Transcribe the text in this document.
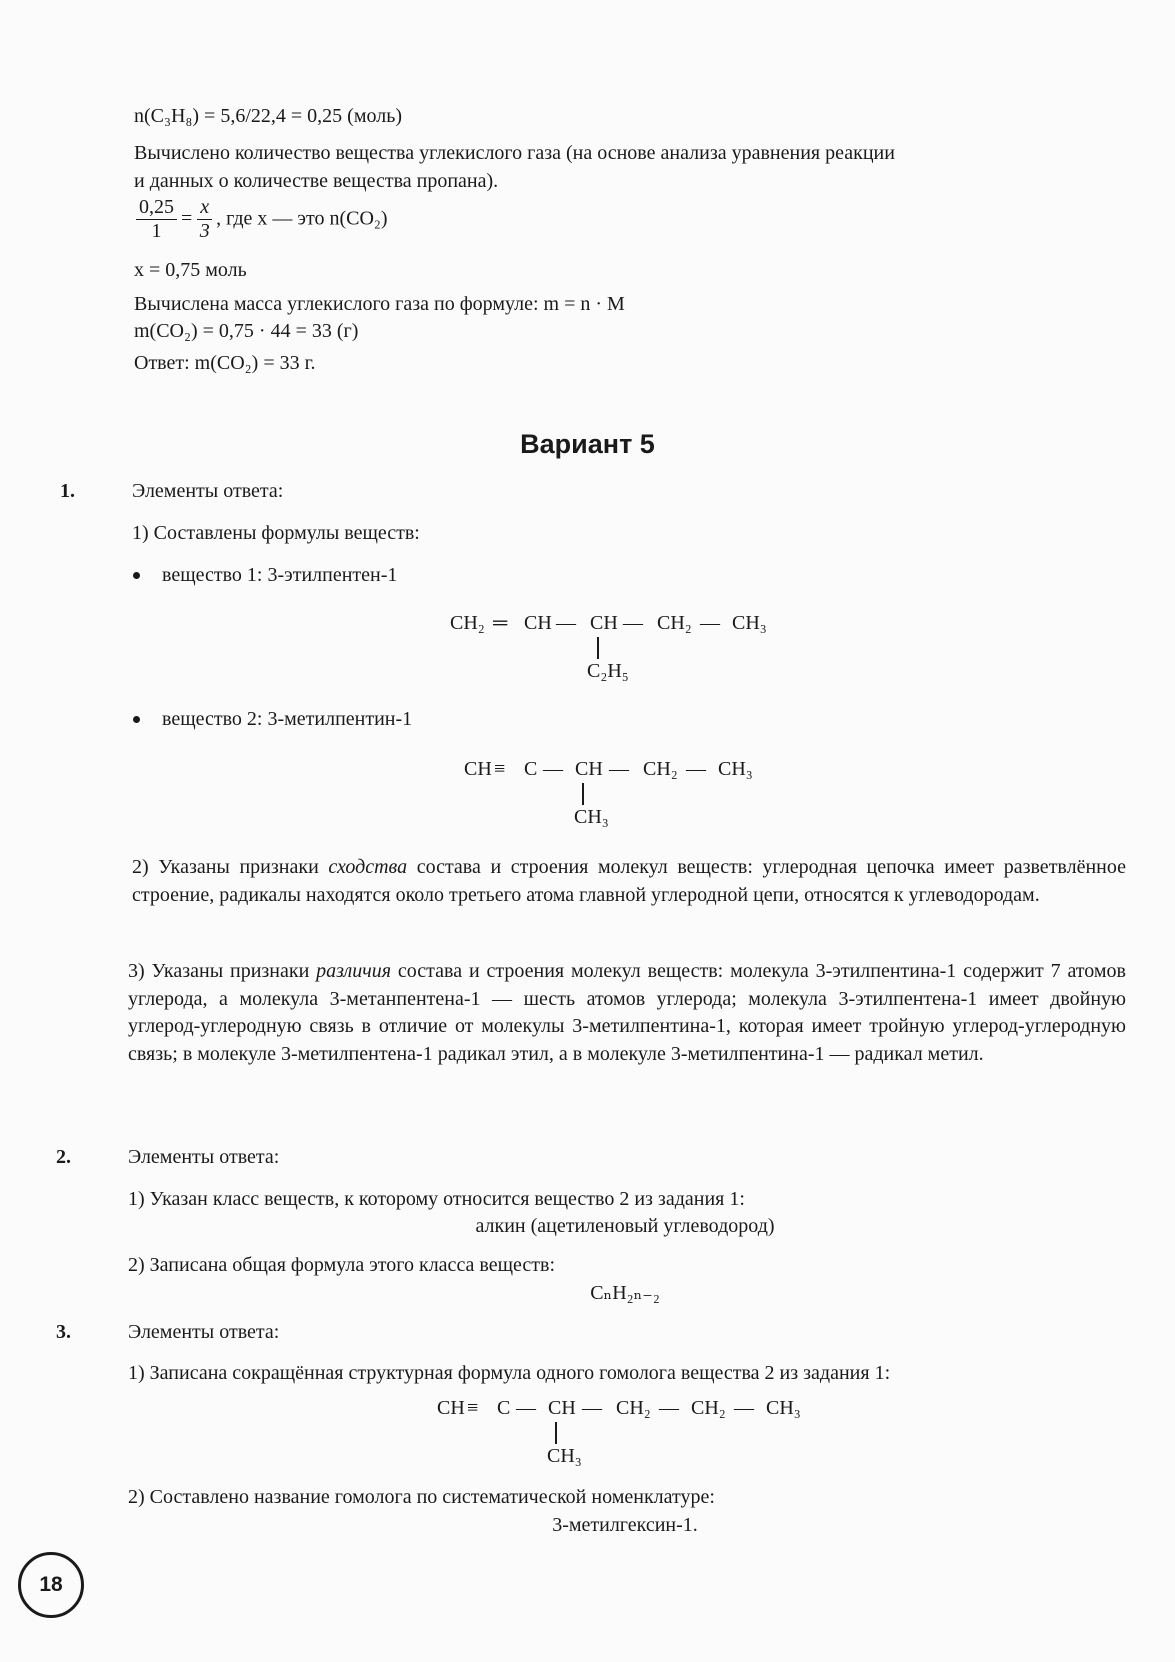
n(C₃H₈) = 5,6/22,4 = 0,25 (моль)
Вычислено количество вещества углекислого газа (на основе анализа уравнения реакции
и данных о количестве вещества пропана).
$\frac{0,25}{1} = \frac{x}{3}$ , где x — это n(CO₂)
x = 0,75 моль
Вычислена масса углекислого газа по формуле: m = n · M
m(CO₂) = 0,75 · 44 = 33 (г)
Ответ: m(CO₂) = 33 г.
Вариант 5
1.	Элементы ответа:
1) Составлены формулы веществ:
вещество 1: 3-этилпентен-1
CH₂ ═ CH — CH — CH₂ — CH₃
C₂H₅
вещество 2: 3-метилпентин-1
CH ≡ C — CH — CH₂ — CH₃
CH₃
2) Указаны признаки сходства состава и строения молекул веществ: углеродная цепочка имеет разветвлённое строение, радикалы находятся около третьего атома главной углеродной цепи, относятся к углеводородам.
3) Указаны признаки различия состава и строения молекул веществ: молекула 3-этилпентина-1 содержит 7 атомов углерода, а молекула 3-метанпентена-1 — шесть атомов углерода; молекула 3-этилпентена-1 имеет двойную углерод-углеродную связь в отличие от молекулы 3-метилпентина-1, которая имеет тройную углерод-углеродную связь; в молекуле 3-метилпентена-1 радикал этил, а в молекуле 3-метилпентина-1 — радикал метил.
2.	Элементы ответа:
1) Указан класс веществ, к которому относится вещество 2 из задания 1:
алкин (ацетиленовый углеводород)
2) Записана общая формула этого класса веществ:
CₙH₂ₙ₋₂
3.	Элементы ответа:
1) Записана сокращённая структурная формула одного гомолога вещества 2 из задания 1:
CH ≡ C — CH — CH₂ — CH₂ — CH₃
CH₃
2) Составлено название гомолога по систематической номенклатуре:
3-метилгексин-1.
18
